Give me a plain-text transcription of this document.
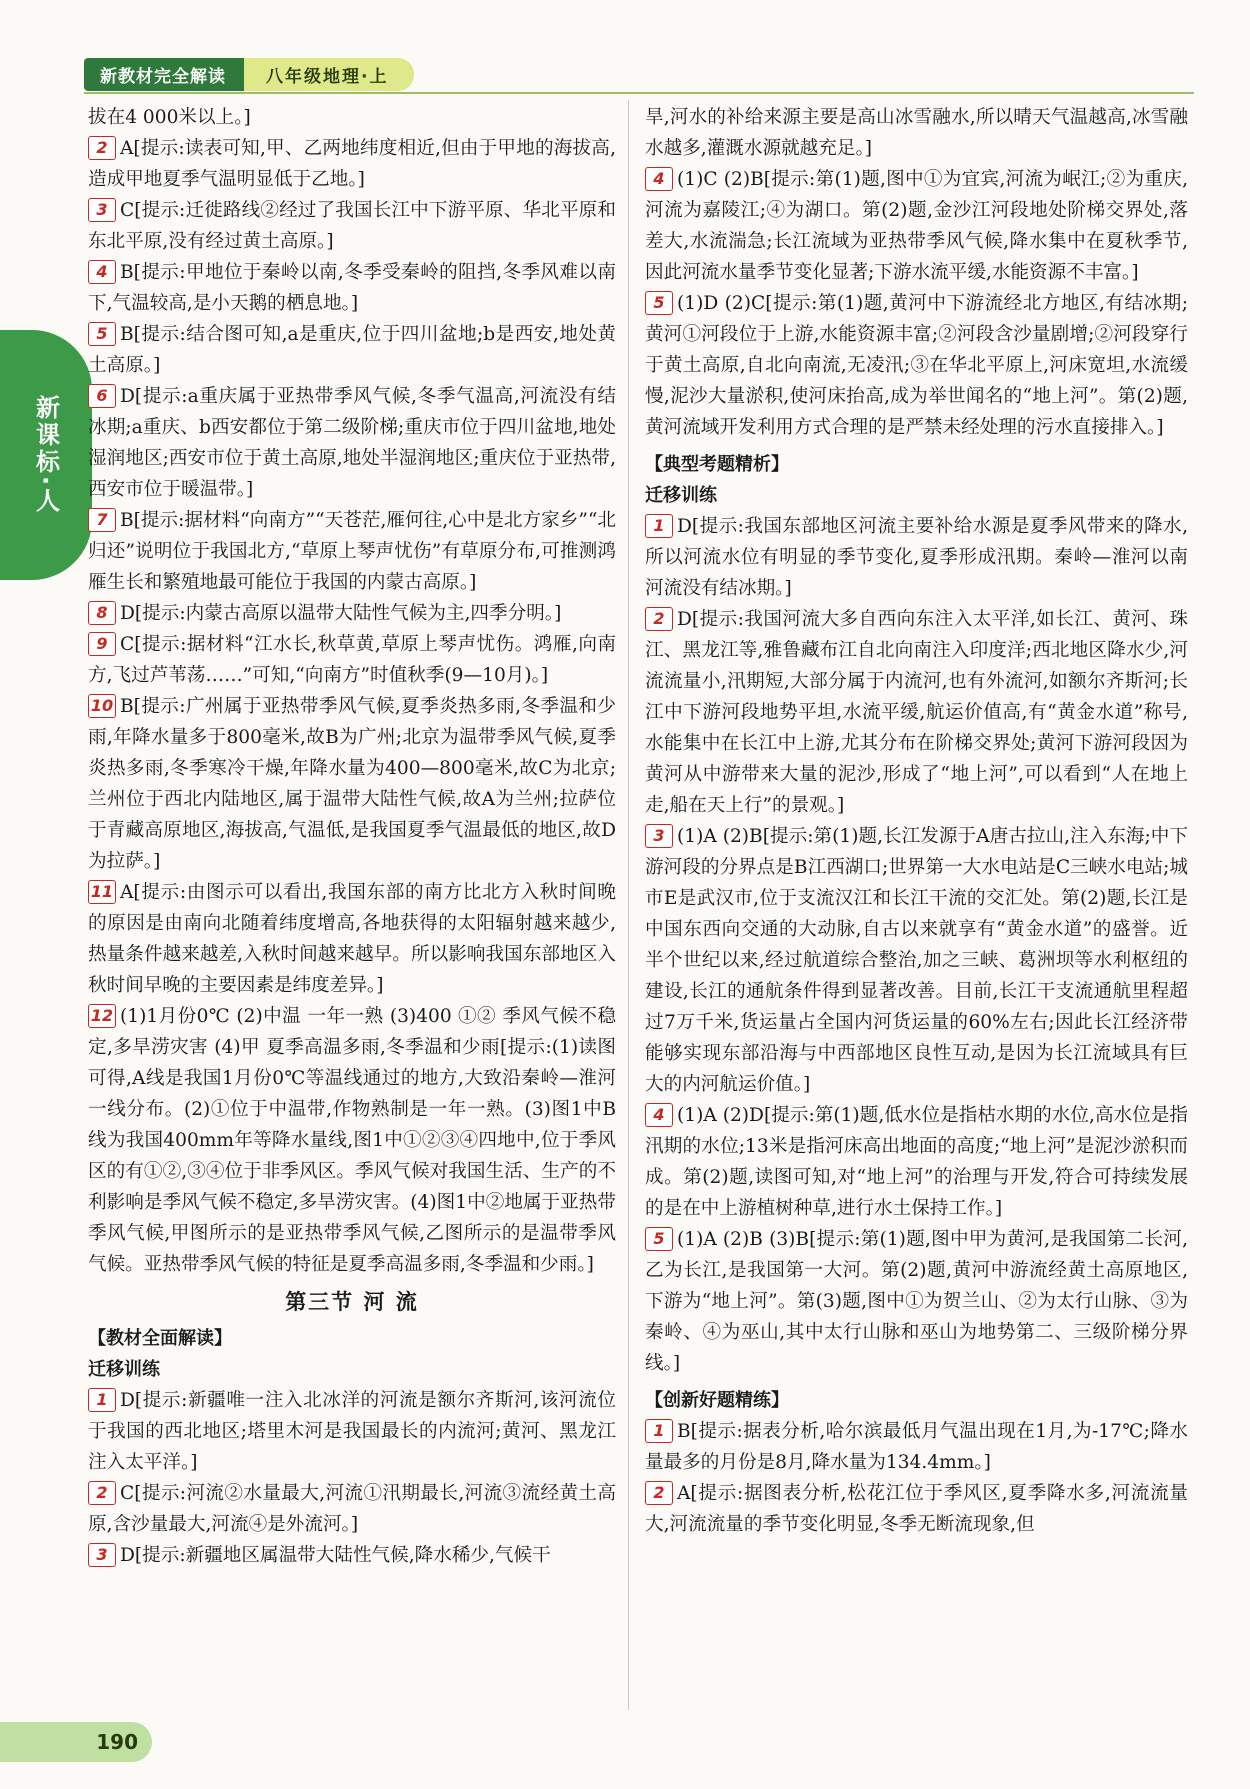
新教材完全解读	八年级地理·上
新课标·人

拔在4 000米以上。]

2 A[提示:读表可知,甲、乙两地纬度相近,但由于甲地的海拔高,造成甲地夏季气温明显低于乙地。]

3 C[提示:迁徙路线②经过了我国长江中下游平原、华北平原和东北平原,没有经过黄土高原。]

4 B[提示:甲地位于秦岭以南,冬季受秦岭的阻挡,冬季风难以南下,气温较高,是小天鹅的栖息地。]

5 B[提示:结合图可知,a是重庆,位于四川盆地;b是西安,地处黄土高原。]

6 D[提示:a重庆属于亚热带季风气候,冬季气温高,河流没有结冰期;a重庆、b西安都位于第二级阶梯;重庆市位于四川盆地,地处湿润地区;西安市位于黄土高原,地处半湿润地区;重庆位于亚热带,西安市位于暖温带。]

7 B[提示:据材料“向南方”“天苍茫,雁何往,心中是北方家乡”“北归还”说明位于我国北方,“草原上琴声忧伤”有草原分布,可推测鸿雁生长和繁殖地最可能位于我国的内蒙古高原。]

8 D[提示:内蒙古高原以温带大陆性气候为主,四季分明。]

9 C[提示:据材料“江水长,秋草黄,草原上琴声忧伤。鸿雁,向南方,飞过芦苇荡……”可知,“向南方”时值秋季(9—10月)。]

10 B[提示:广州属于亚热带季风气候,夏季炎热多雨,冬季温和少雨,年降水量多于800毫米,故B为广州;北京为温带季风气候,夏季炎热多雨,冬季寒冷干燥,年降水量为400—800毫米,故C为北京;兰州位于西北内陆地区,属于温带大陆性气候,故A为兰州;拉萨位于青藏高原地区,海拔高,气温低,是我国夏季气温最低的地区,故D为拉萨。]

11 A[提示:由图示可以看出,我国东部的南方比北方入秋时间晚的原因是由南向北随着纬度增高,各地获得的太阳辐射越来越少,热量条件越来越差,入秋时间越来越早。所以影响我国东部地区入秋时间早晚的主要因素是纬度差异。]

12 (1)1月份0℃ (2)中温 一年一熟 (3)400 ①② 季风气候不稳定,多旱涝灾害 (4)甲 夏季高温多雨,冬季温和少雨[提示:(1)读图可得,A线是我国1月份0℃等温线通过的地方,大致沿秦岭—淮河一线分布。(2)①位于中温带,作物熟制是一年一熟。(3)图1中B线为我国400mm年等降水量线,图1中①②③④四地中,位于季风区的有①②,③④位于非季风区。季风气候对我国生活、生产的不利影响是季风气候不稳定,多旱涝灾害。(4)图1中②地属于亚热带季风气候,甲图所示的是亚热带季风气候,乙图所示的是温带季风气候。亚热带季风气候的特征是夏季高温多雨,冬季温和少雨。]

第三节 河 流

【教材全面解读】

迁移训练

1 D[提示:新疆唯一注入北冰洋的河流是额尔齐斯河,该河流位于我国的西北地区;塔里木河是我国最长的内流河;黄河、黑龙江注入太平洋。]

2 C[提示:河流②水量最大,河流①汛期最长,河流③流经黄土高原,含沙量最大,河流④是外流河。]

3 D[提示:新疆地区属温带大陆性气候,降水稀少,气候干

旱,河水的补给来源主要是高山冰雪融水,所以晴天气温越高,冰雪融水越多,灌溉水源就越充足。]

4 (1)C (2)B[提示:第(1)题,图中①为宜宾,河流为岷江;②为重庆,河流为嘉陵江;④为湖口。第(2)题,金沙江河段地处阶梯交界处,落差大,水流湍急;长江流域为亚热带季风气候,降水集中在夏秋季节,因此河流水量季节变化显著;下游水流平缓,水能资源不丰富。]

5 (1)D (2)C[提示:第(1)题,黄河中下游流经北方地区,有结冰期;黄河①河段位于上游,水能资源丰富;②河段含沙量剧增;②河段穿行于黄土高原,自北向南流,无凌汛;③在华北平原上,河床宽坦,水流缓慢,泥沙大量淤积,使河床抬高,成为举世闻名的“地上河”。第(2)题,黄河流域开发利用方式合理的是严禁未经处理的污水直接排入。]

【典型考题精析】

迁移训练

1 D[提示:我国东部地区河流主要补给水源是夏季风带来的降水,所以河流水位有明显的季节变化,夏季形成汛期。秦岭—淮河以南河流没有结冰期。]

2 D[提示:我国河流大多自西向东注入太平洋,如长江、黄河、珠江、黑龙江等,雅鲁藏布江自北向南注入印度洋;西北地区降水少,河流流量小,汛期短,大部分属于内流河,也有外流河,如额尔齐斯河;长江中下游河段地势平坦,水流平缓,航运价值高,有“黄金水道”称号,水能集中在长江中上游,尤其分布在阶梯交界处;黄河下游河段因为黄河从中游带来大量的泥沙,形成了“地上河”,可以看到“人在地上走,船在天上行”的景观。]

3 (1)A (2)B[提示:第(1)题,长江发源于A唐古拉山,注入东海;中下游河段的分界点是B江西湖口;世界第一大水电站是C三峡水电站;城市E是武汉市,位于支流汉江和长江干流的交汇处。第(2)题,长江是中国东西向交通的大动脉,自古以来就享有“黄金水道”的盛誉。近半个世纪以来,经过航道综合整治,加之三峡、葛洲坝等水利枢纽的建设,长江的通航条件得到显著改善。目前,长江干支流通航里程超过7万千米,货运量占全国内河货运量的60%左右;因此长江经济带能够实现东部沿海与中西部地区良性互动,是因为长江流域具有巨大的内河航运价值。]

4 (1)A (2)D[提示:第(1)题,低水位是指枯水期的水位,高水位是指汛期的水位;13米是指河床高出地面的高度;“地上河”是泥沙淤积而成。第(2)题,读图可知,对“地上河”的治理与开发,符合可持续发展的是在中上游植树种草,进行水土保持工作。]

5 (1)A (2)B (3)B[提示:第(1)题,图中甲为黄河,是我国第二长河,乙为长江,是我国第一大河。第(2)题,黄河中游流经黄土高原地区,下游为“地上河”。第(3)题,图中①为贺兰山、②为太行山脉、③为秦岭、④为巫山,其中太行山脉和巫山为地势第二、三级阶梯分界线。]

【创新好题精练】

1 B[提示:据表分析,哈尔滨最低月气温出现在1月,为-17℃;降水量最多的月份是8月,降水量为134.4mm。]

2 A[提示:据图表分析,松花江位于季风区,夏季降水多,河流流量大,河流流量的季节变化明显,冬季无断流现象,但

190
